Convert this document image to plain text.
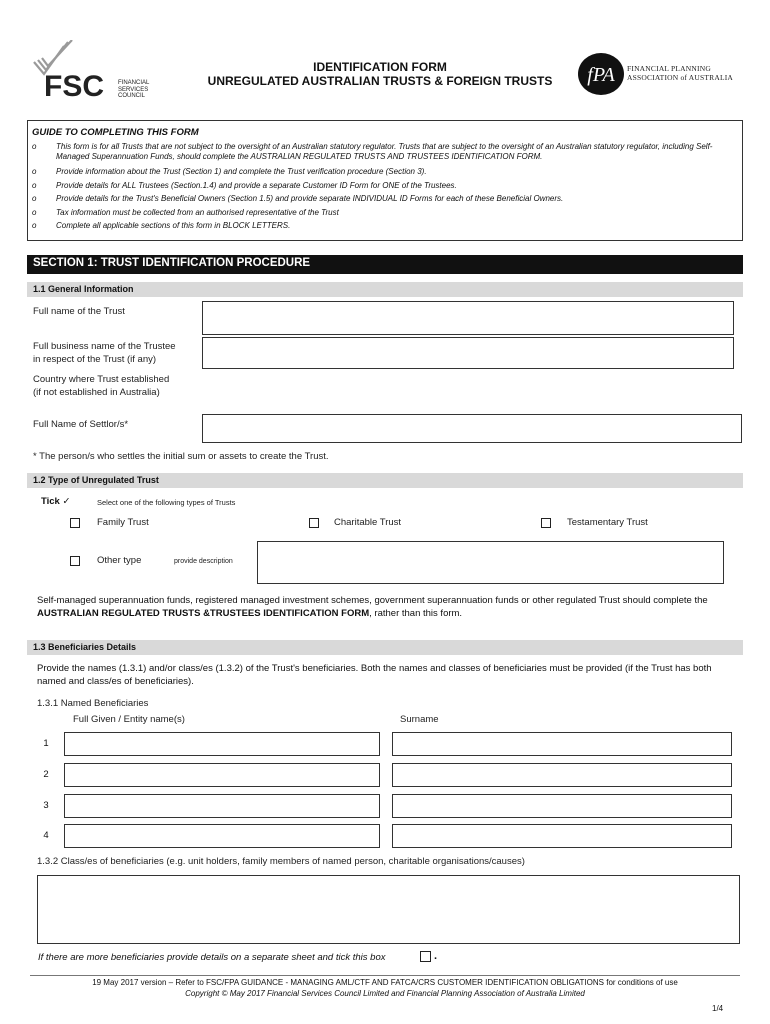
FSC FINANCIAL
SERVICES
COUNCIL
IDENTIFICATION FORM
UNREGULATED AUSTRALIAN TRUSTS & FOREIGN TRUSTS	fPA FINANCIAL PLANNING
ASSOCIATION of AUSTRALIA
GUIDE TO COMPLETING THIS FORM
o	This form is for all Trusts that are not subject to the oversight of an Australian statutory regulator. Trusts that are subject to the oversight of an Australian statutory regulator, including Self-Managed Superannuation Funds, should complete the AUSTRALIAN REGULATED TRUSTS AND TRUSTEES IDENTIFICATION FORM.
o	Provide information about the Trust (Section 1) and complete the Trust verification procedure (Section 3).
o	Provide details for ALL Trustees (Section.1.4) and provide a separate Customer ID Form for ONE of the Trustees.
o	Provide details for the Trust's Beneficial Owners (Section 1.5) and provide separate INDIVIDUAL ID Forms for each of these Beneficial Owners.
o	Tax information must be collected from an authorised representative of the Trust
o	Complete all applicable sections of this form in BLOCK LETTERS.
SECTION 1: TRUST IDENTIFICATION PROCEDURE
1.1 General Information
Full name of the Trust
Full business name of the Trustee
in respect of the Trust (if any)
Country where Trust established
(if not established in Australia)
Full Name of Settlor/s*
* The person/s who settles the initial sum or assets to create the Trust.
1.2 Type of Unregulated Trust
Tick ✓	Select one of the following types of Trusts
Family Trust	Charitable Trust	Testamentary Trust
Other type	provide description
Self-managed superannuation funds, registered managed investment schemes, government superannuation funds or other regulated Trust should complete the AUSTRALIAN REGULATED TRUSTS &TRUSTEES IDENTIFICATION FORM, rather than this form.
1.3 Beneficiaries Details
Provide the names (1.3.1) and/or class/es (1.3.2) of the Trust's beneficiaries. Both the names and classes of beneficiaries must be provided (if the Trust has both named and class/es of beneficiaries).
1.3.1 Named Beneficiaries
Full Given / Entity name(s)	Surname
1
2
3
4
1.3.2 Class/es of beneficiaries (e.g. unit holders, family members of named person, charitable organisations/causes)
If there are more beneficiaries provide details on a separate sheet and tick this box	.
19 May 2017 version – Refer to FSC/FPA GUIDANCE - MANAGING AML/CTF AND FATCA/CRS CUSTOMER IDENTIFICATION OBLIGATIONS for conditions of use
Copyright © May 2017 Financial Services Council Limited and Financial Planning Association of Australia Limited
1/4
